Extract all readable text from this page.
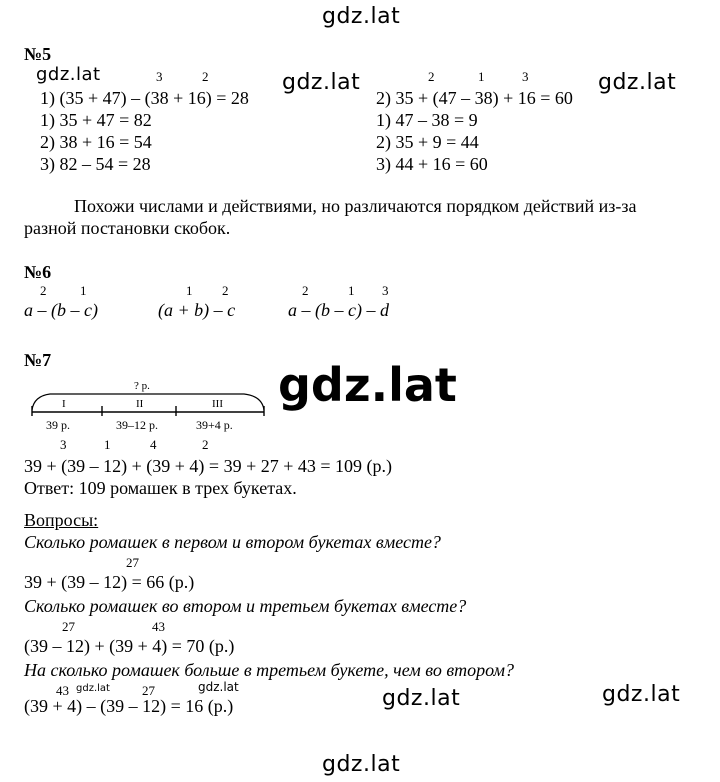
gdz.lat
gdz.lat	gdz.lat	gdz.lat
gdz.lat
gdz.lat	gdz.lat
gdz.lat
№5
3	2
1) (35 + 47) – (38 + 16) = 28
2	1	3
2) 35 + (47 – 38) + 16 = 60
1) 35 + 47 = 82
2) 38 + 16 = 54
3) 82 – 54 = 28
1) 47 – 38 = 9
2) 35 + 9 = 44
3) 44 + 16 = 60
Похожи числами и действиями, но различаются порядком действий из-за
разной постановки скобок.
№6
2	1
a – (b – c)
1 2
(a + b) – c
2	1 3
a – (b – c) – d
№7
? р.
I	II	III
39 р.	39–12 р.	39+4 р.
3	1	4	2
39 + (39 – 12) + (39 + 4) = 39 + 27 + 43 = 109 (р.)
Ответ: 109 ромашек в трех букетах.
Вопросы:
Сколько ромашек в первом и втором букетах вместе?
27
39 + (39 – 12) = 66 (р.)
Сколько ромашек во втором и третьем букетах вместе?
27	43
(39 – 12) + (39 + 4) = 70 (р.)
На сколько ромашек больше в третьем букете, чем во втором?
43 gdz.lat 27	gdz.lat
(39 + 4) – (39 – 12) = 16 (р.)
